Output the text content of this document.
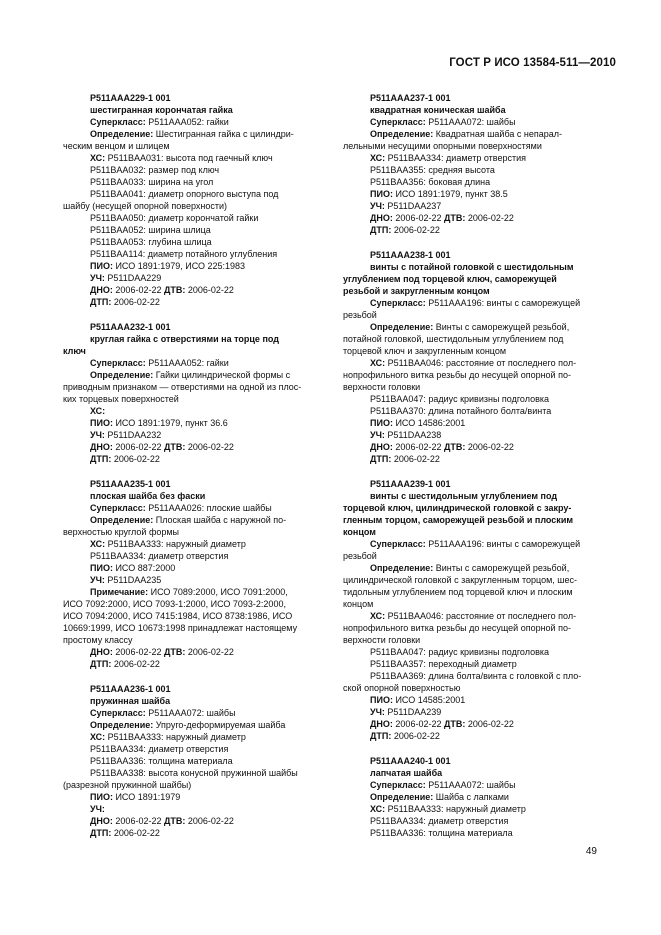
ГОСТ Р ИСО 13584-511—2010
P511AAA229-1 001
шестигранная корончатая гайка
Суперкласс: P511AAA052: гайки
Определение: Шестигранная гайка с цилиндри-
ческим венцом и шлицем
ХС: P511BAA031: высота под гаечный ключ
P511BAA032: размер под ключ
P511BAA033: ширина на угол
P511BAA041: диаметр опорного выступа под
шайбу (несущей опорной поверхности)
P511BAA050: диаметр корончатой гайки
P511BAA052: ширина шлица
P511BAA053: глубина шлица
P511BAA114: диаметр потайного углубления
ПИО: ИСО 1891:1979, ИСО 225:1983
УЧ: P511DAA229
ДНО: 2006-02-22 ДТВ: 2006-02-22
ДТП: 2006-02-22
P511AAA232-1 001
круглая гайка с отверстиями на торце под
ключ
Суперкласс: P511AAA052: гайки
Определение: Гайки цилиндрической формы с
приводным признаком — отверстиями на одной из плос-
ких торцевых поверхностей
ХС:
ПИО: ИСО 1891:1979, пункт 36.6
УЧ: P511DAA232
ДНО: 2006-02-22 ДТВ: 2006-02-22
ДТП: 2006-02-22
P511AAA235-1 001
плоская шайба без фаски
Суперкласс: P511AAA026: плоские шайбы
Определение: Плоская шайба с наружной по-
верхностью круглой формы
ХС: P511BAA333: наружный диаметр
P511BAA334: диаметр отверстия
ПИО: ИСО 887:2000
УЧ: P511DAA235
Примечание: ИСО 7089:2000, ИСО 7091:2000,
ИСО 7092:2000, ИСО 7093-1:2000, ИСО 7093-2:2000,
ИСО 7094:2000, ИСО 7415:1984, ИСО 8738:1986, ИСО
10669:1999, ИСО 10673:1998 принадлежат настоящему
простому классу
ДНО: 2006-02-22 ДТВ: 2006-02-22
ДТП: 2006-02-22
P511AAA236-1 001
пружинная шайба
Суперкласс: P511AAA072: шайбы
Определение: Упруго-деформируемая шайба
ХС: P511BAA333: наружный диаметр
P511BAA334: диаметр отверстия
P511BAA336: толщина материала
P511BAA338: высота конусной пружинной шайбы
(разрезной пружинной шайбы)
ПИО: ИСО 1891:1979
УЧ:
ДНО: 2006-02-22 ДТВ: 2006-02-22
ДТП: 2006-02-22
P511AAA237-1 001
квадратная коническая шайба
Суперкласс: P511AAA072: шайбы
Определение: Квадратная шайба с непарал-
лельными несущими опорными поверхностями
ХС: P511BAA334: диаметр отверстия
P511BAA355: средняя высота
P511BAA356: боковая длина
ПИО: ИСО 1891:1979, пункт 38.5
УЧ: P511DAA237
ДНО: 2006-02-22 ДТВ: 2006-02-22
ДТП: 2006-02-22
P511AAA238-1 001
винты с потайной головкой с шестидольным
углублением под торцевой ключ, саморежущей
резьбой и закругленным концом
Суперкласс: P511AAA196: винты с саморежущей
резьбой
Определение: Винты с саморежущей резьбой,
потайной головкой, шестидольным углублением под
торцевой ключ и закругленным концом
ХС: P511BAA046: расстояние от последнего пол-
нопрофильного витка резьбы до несущей опорной по-
верхности головки
P511BAA047: радиус кривизны подголовка
P511BAA370: длина потайного болта/винта
ПИО: ИСО 14586:2001
УЧ: P511DAA238
ДНО: 2006-02-22 ДТВ: 2006-02-22
ДТП: 2006-02-22
P511AAA239-1 001
винты с шестидольным углублением под
торцевой ключ, цилиндрической головкой с закру-
гленным торцом, саморежущей резьбой и плоским
концом
Суперкласс: P511AAA196: винты с саморежущей
резьбой
Определение: Винты с саморежущей резьбой,
цилиндрической головкой с закругленным торцом, шес-
тидольным углублением под торцевой ключ и плоским
концом
ХС: P511BAA046: расстояние от последнего пол-
нопрофильного витка резьбы до несущей опорной по-
верхности головки
P511BAA047: радиус кривизны подголовка
P511BAA357: переходный диаметр
P511BAA369: длина болта/винта с головкой с пло-
ской опорной поверхностью
ПИО: ИСО 14585:2001
УЧ: P511DAA239
ДНО: 2006-02-22 ДТВ: 2006-02-22
ДТП: 2006-02-22
P511AAA240-1 001
лапчатая шайба
Суперкласс: P511AAA072: шайбы
Определение: Шайба с лапками
ХС: P511BAA333: наружный диаметр
P511BAA334: диаметр отверстия
P511BAA336: толщина материала
49
